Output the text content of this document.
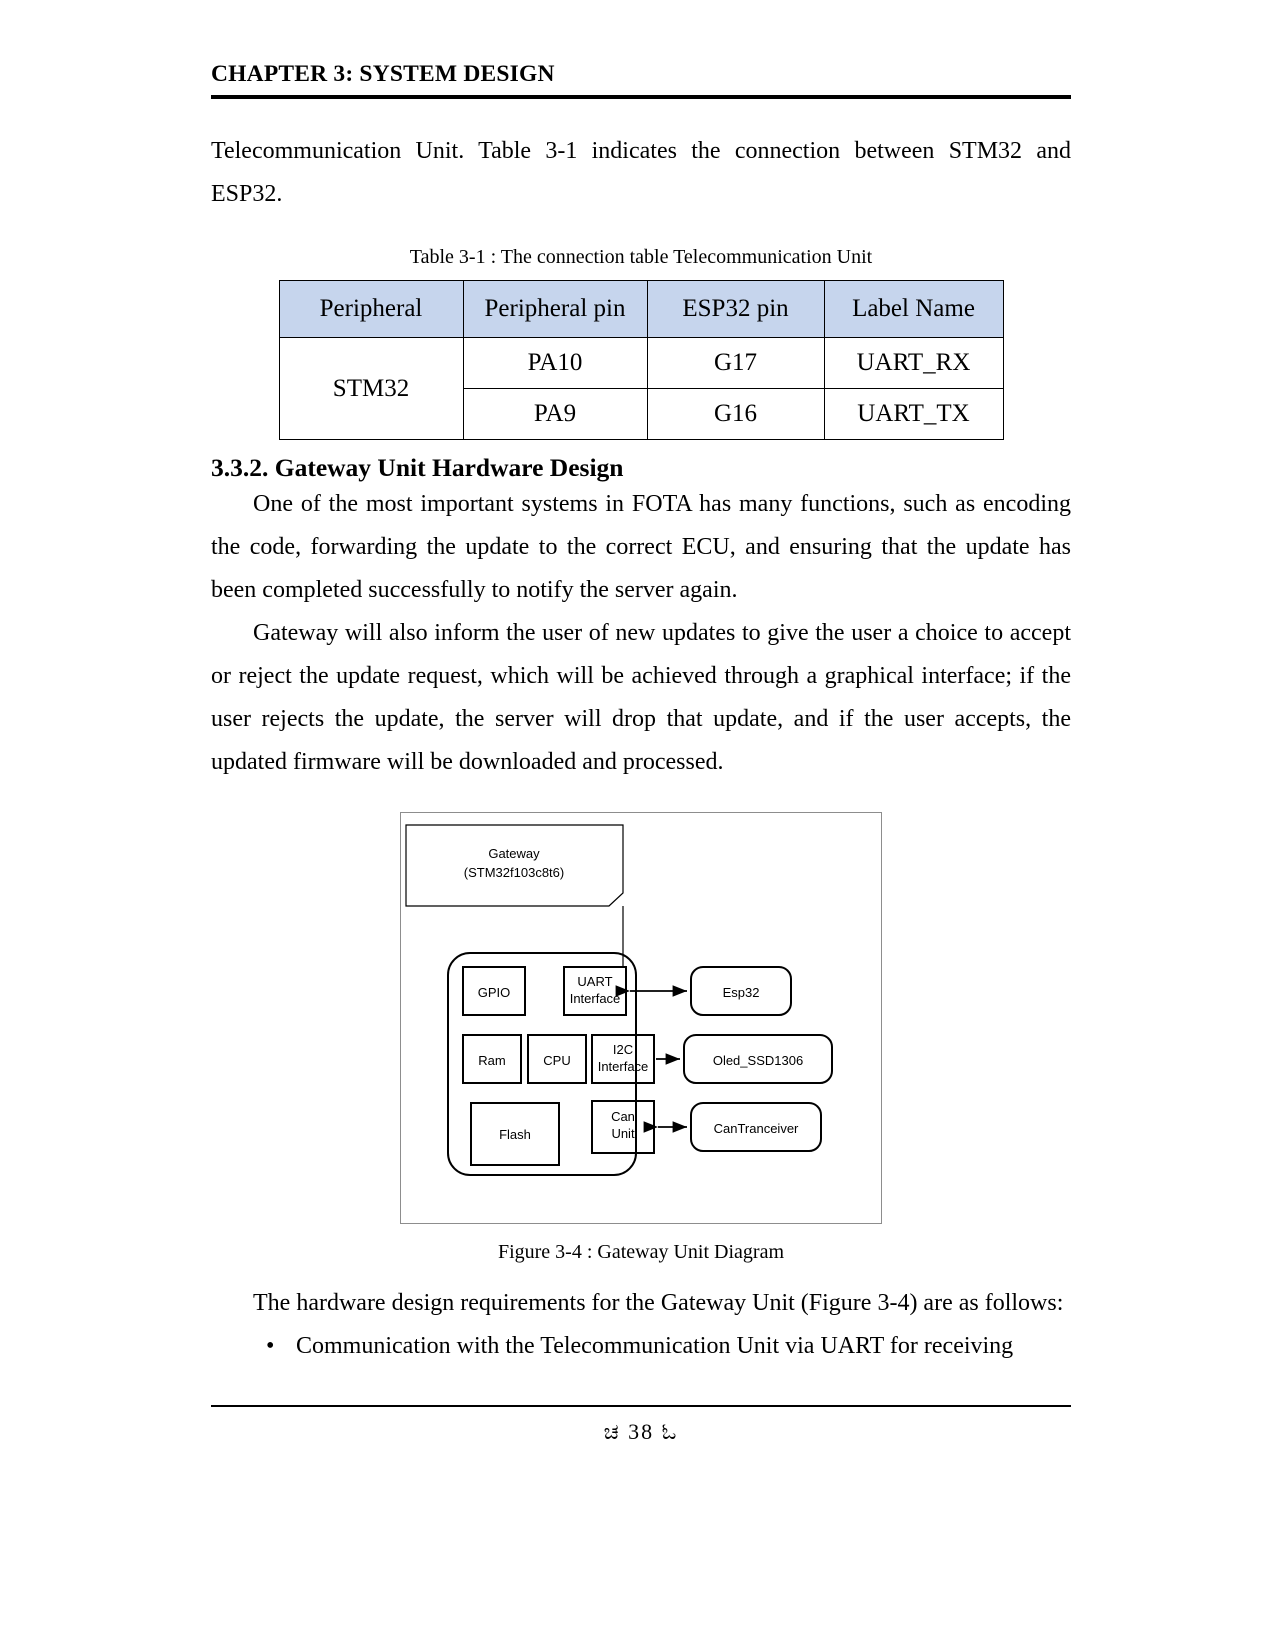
CHAPTER 3: SYSTEM DESIGN

Telecommunication Unit. Table 3-1 indicates the connection between STM32 and ESP32.

Table 3-1 : The connection table Telecommunication Unit
Peripheral	Peripheral pin	ESP32 pin	Label Name
STM32	PA10	G17	UART_RX
	PA9	G16	UART_TX
3.3.2. Gateway Unit Hardware Design

One of the most important systems in FOTA has many functions, such as encoding the code, forwarding the update to the correct ECU, and ensuring that the update has been completed successfully to notify the server again.

Gateway will also inform the user of new updates to give the user a choice to accept or reject the update request, which will be achieved through a graphical interface; if the user rejects the update, the server will drop that update, and if the user accepts, the updated firmware will be downloaded and processed.

Gateway
(STM32f103c8t6)
GPIO
UART
Interface
Ram	CPU
I2C
Interface
Flash
Can
Unit
Esp32
Oled_SSD1306
CanTranceiver
Figure 3-4 : Gateway Unit Diagram

The hardware design requirements for the Gateway Unit (Figure 3-4) are as follows:

• Communication with the Telecommunication Unit via UART for receiving
ಚ 38 ಓ
